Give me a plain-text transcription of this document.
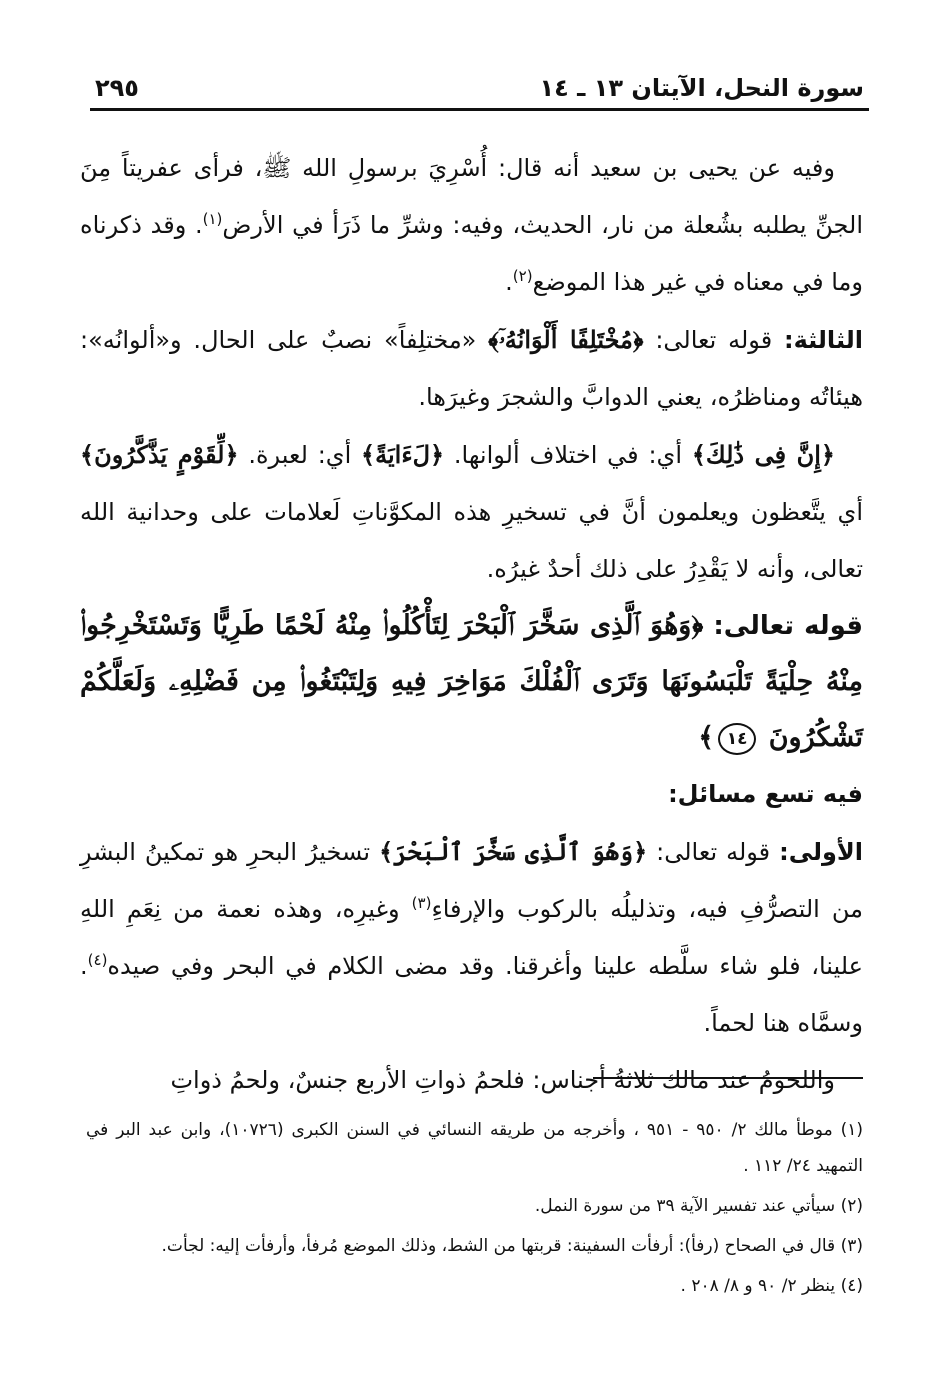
سورة النحل، الآيتان ١٣ ـ ١٤
٢٩٥

وفيه عن يحيى بن سعيد أنه قال: أُسْرِيَ برسولِ الله ﷺ، فرأى عفريتاً مِنَ الجنِّ يطلبه بشُعلة من نار، الحديث، وفيه: وشرِّ ما ذَرَأ في الأرض$^{(١)}$. وقد ذكرناه وما في معناه في غير هذا الموضع$^{(٢)}$.

الثالثة: قوله تعالى: ﴿مُخْتَلِفًا أَلْوَانُهُۥٓ﴾ «مختلِفاً» نصبٌ على الحال. و«ألوانُه»: هيئاتُه ومناظرُه، يعني الدوابَّ والشجرَ وغيرَها.

﴿إِنَّ فِى ذَٰلِكَ﴾ أي: في اختلاف ألوانها. ﴿لَءَايَةً﴾ أي: لعبرة. ﴿لِّقَوْمٍ يَذَّكَّرُونَ﴾ أي يتَّعظون ويعلمون أنَّ في تسخيرِ هذه المكوَّناتِ لَعلامات على وحدانية الله تعالى، وأنه لا يَقْدِرُ على ذلك أحدٌ غيرُه.

قوله تعالى: ﴿وَهُوَ ٱلَّذِى سَخَّرَ ٱلْبَحْرَ لِتَأْكُلُوا۟ مِنْهُ لَحْمًا طَرِيًّا وَتَسْتَخْرِجُوا۟ مِنْهُ حِلْيَةً تَلْبَسُونَهَا وَتَرَى ٱلْفُلْكَ مَوَاخِرَ فِيهِ وَلِتَبْتَغُوا۟ مِن فَضْلِهِۦ وَلَعَلَّكُمْ تَشْكُرُونَ ١٤﴾

فيه تسع مسائل:

الأولى: قوله تعالى: ﴿وَهُوَ ٱلَّذِى سَخَّرَ ٱلْبَحْرَ﴾ تسخيرُ البحرِ هو تمكينُ البشرِ من التصرُّفِ فيه، وتذليلُه بالركوب والإرفاءِ$^{(٣)}$ وغيرِه، وهذه نعمة من نِعَمِ اللهِ علينا، فلو شاء سلَّطه علينا وأغرقنا. وقد مضى الكلام في البحر وفي صيده$^{(٤)}$. وسمَّاه هنا لحماً.

واللحومُ عند مالك ثلاثةُ أجناس: فلحمُ ذواتِ الأربع جنسٌ، ولحمُ ذواتِ

(١) موطأ مالك ٢/ ٩٥٠ - ٩٥١ ، وأخرجه من طريقه النسائي في السنن الكبرى (١٠٧٢٦)، وابن عبد البر في التمهيد ٢٤/ ١١٢ .

(٢) سيأتي عند تفسير الآية ٣٩ من سورة النمل.

(٣) قال في الصحاح (رفأ): أرفأت السفينة: قربتها من الشط، وذلك الموضع مُرفأ، وأرفأت إليه: لجأت.

(٤) ينظر ٢/ ٩٠ و ٨/ ٢٠٨ .
